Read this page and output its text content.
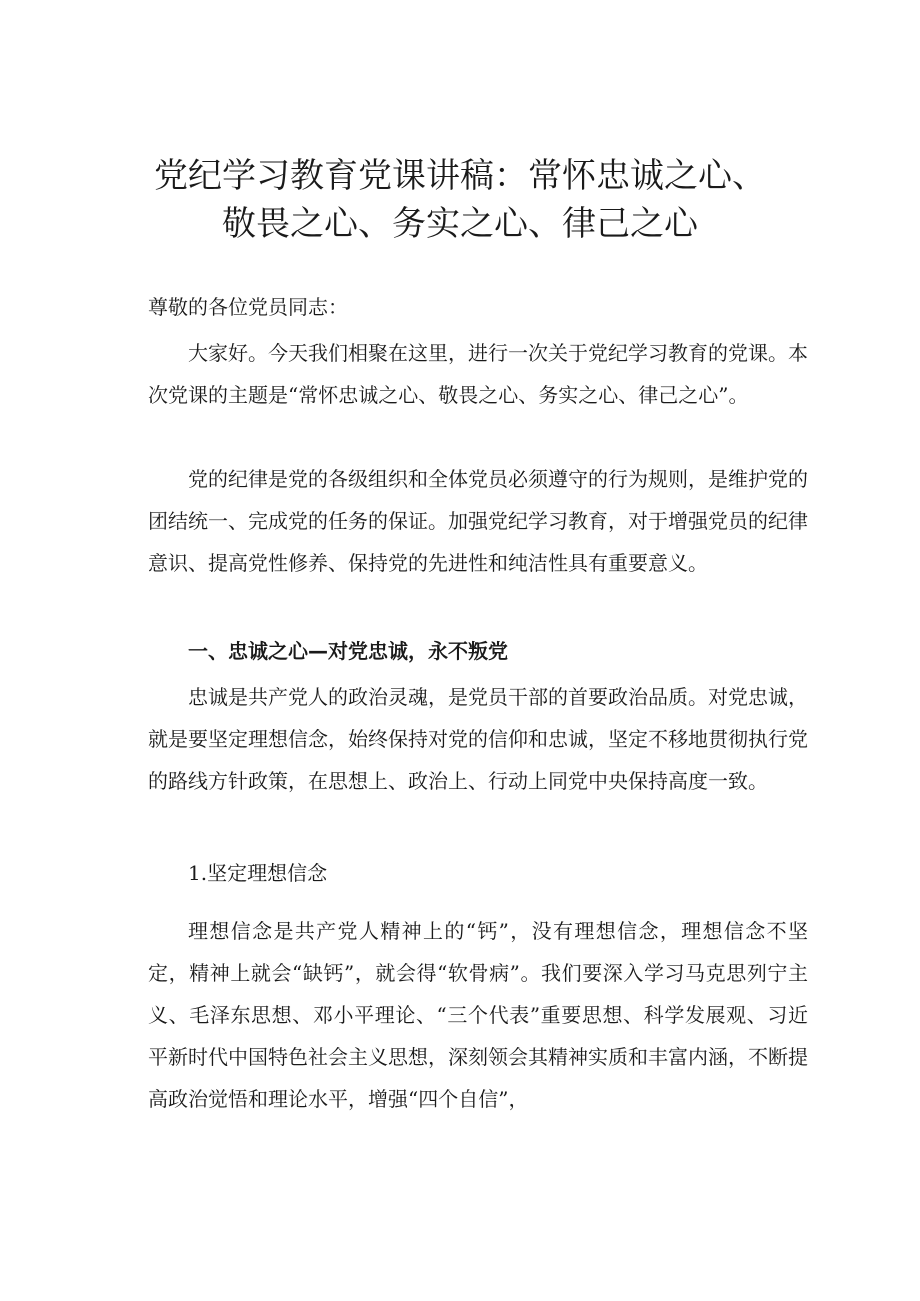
党纪学习教育党课讲稿：常怀忠诚之心、
敬畏之心、务实之心、律己之心

尊敬的各位党员同志：

大家好。今天我们相聚在这里，进行一次关于党纪学习教育的党课。本次党课的主题是“常怀忠诚之心、敬畏之心、务实之心、律己之心”。

党的纪律是党的各级组织和全体党员必须遵守的行为规则，是维护党的团结统一、完成党的任务的保证。加强党纪学习教育，对于增强党员的纪律意识、提高党性修养、保持党的先进性和纯洁性具有重要意义。

一、忠诚之心—对党忠诚，永不叛党

忠诚是共产党人的政治灵魂，是党员干部的首要政治品质。对党忠诚，就是要坚定理想信念，始终保持对党的信仰和忠诚，坚定不移地贯彻执行党的路线方针政策，在思想上、政治上、行动上同党中央保持高度一致。

1.坚定理想信念

理想信念是共产党人精神上的“钙”，没有理想信念，理想信念不坚定，精神上就会“缺钙”，就会得“软骨病”。我们要深入学习马克思列宁主义、毛泽东思想、邓小平理论、“三个代表”重要思想、科学发展观、习近平新时代中国特色社会主义思想，深刻领会其精神实质和丰富内涵，不断提高政治觉悟和理论水平，增强“四个自信”，
